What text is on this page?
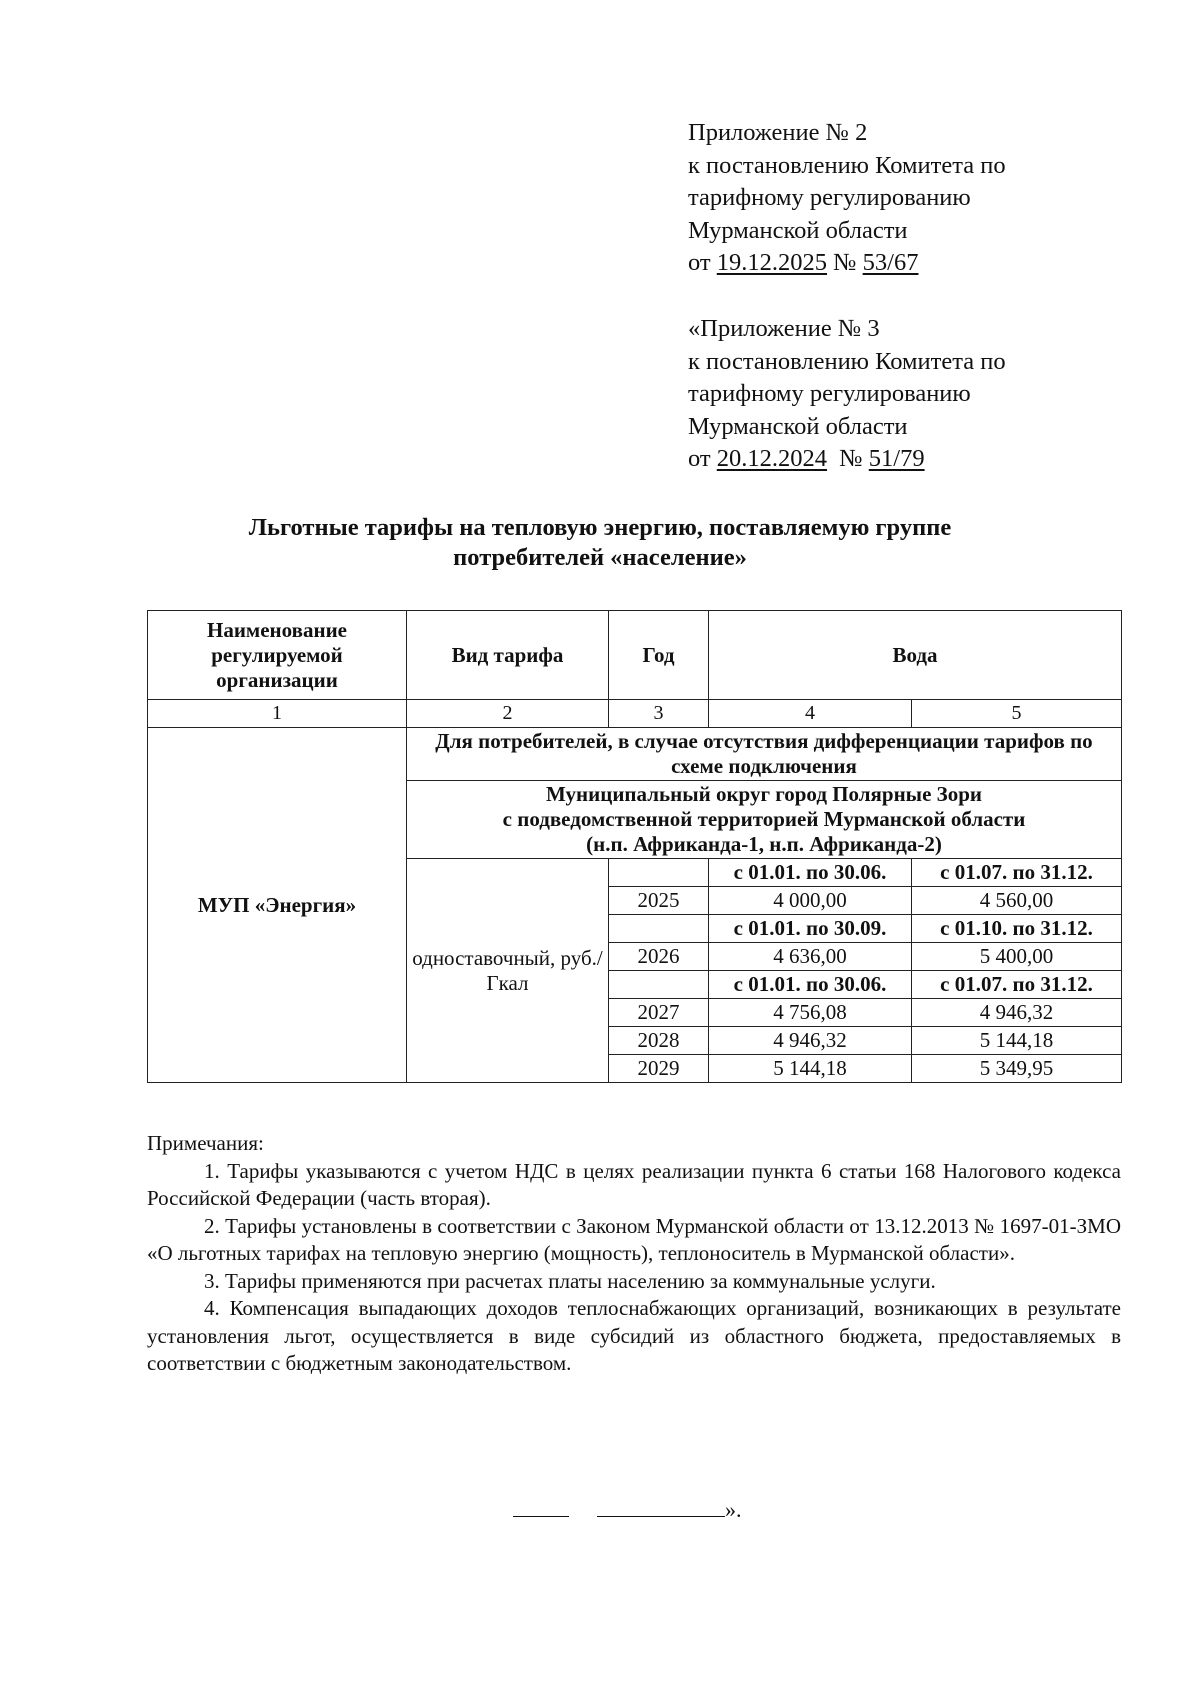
Приложение № 2
к постановлению Комитета по
тарифному регулированию
Мурманской области
от 19.12.2025 № 53/67
«Приложение № 3
к постановлению Комитета по
тарифному регулированию
Мурманской области
от 20.12.2024  № 51/79
Льготные тарифы на тепловую энергию, поставляемую группе
потребителей «население»
Наименование регулируемой организации	Вид тарифа	Год	Вода	
1	2	3	4	5
МУП «Энергия»	Для потребителей, в случае отсутствия дифференциации тарифов по схеме подключения			

	Муниципальный округ город Полярные Зори
с подведомственной территорией Мурманской области
(н.п. Африканда-1, н.п. Африканда-2)			

	одноставочный, руб./Гкал		с 01.01. по 30.06.	с 01.07. по 31.12.
		2025	4 000,00	4 560,00
			с 01.01. по 30.09.	с 01.10. по 31.12.
		2026	4 636,00	5 400,00
			с 01.01. по 30.06.	с 01.07. по 31.12.
		2027	4 756,08	4 946,32
		2028	4 946,32	5 144,18
		2029	5 144,18	5 349,95

Примечания:

1. Тарифы указываются с учетом НДС в целях реализации пункта 6 статьи 168 Налогового кодекса Российской Федерации (часть вторая).

2. Тарифы установлены в соответствии с Законом Мурманской области от 13.12.2013 № 1697-01-ЗМО «О льготных тарифах на тепловую энергию (мощность), теплоноситель в Мурманской области».

3. Тарифы применяются при расчетах платы населению за коммунальные услуги.

4. Компенсация выпадающих доходов теплоснабжающих организаций, возникающих в результате установления льгот, осуществляется в виде субсидий из областного бюджета, предоставляемых в соответствии с бюджетным законодательством.

».
